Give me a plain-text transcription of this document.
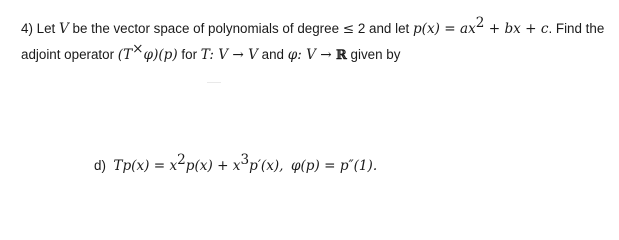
4) Let V be the vector space of polynomials of degree ≤ 2 and let $p(x) = ax^2$ + bx + c. Find the
adjoint operator (T×φ)(p) for T: V → V and φ: V → ℝ given by
d) $Tp(x) = x^2p(x) + x^3p'(x)$, φ(p) = p″(1).
